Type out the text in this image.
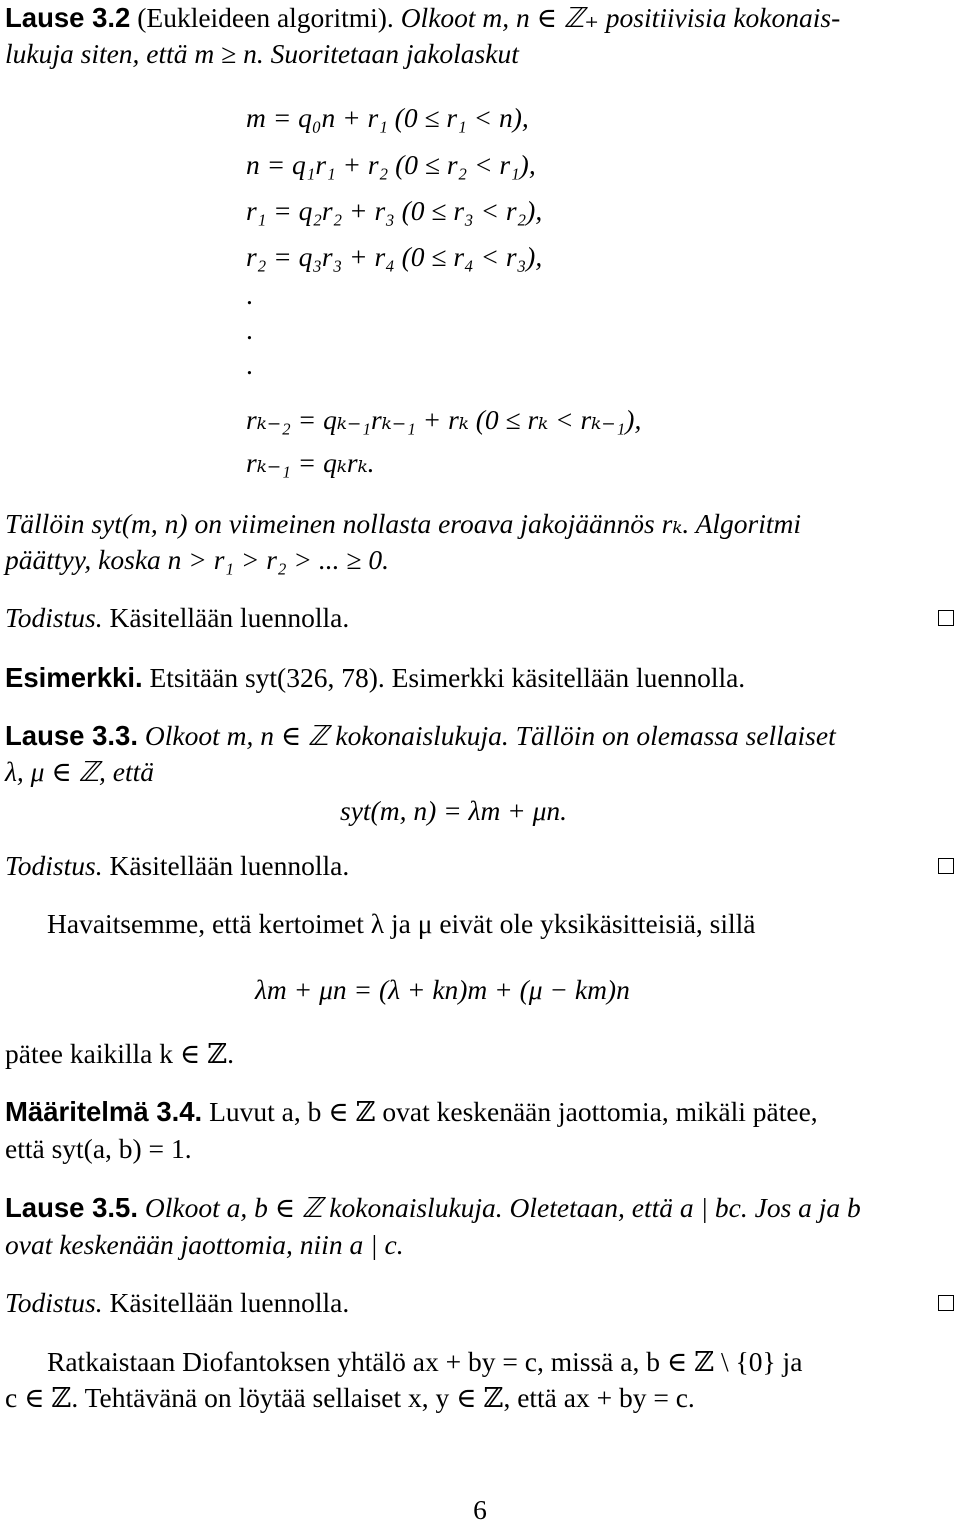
Lause 3.2 (Eukleideen algoritmi). Olkoot m, n ∈ ℤ₊ positiivisia kokonais-
lukuja siten, että m ≥ n. Suoritetaan jakolaskut
m = q₀n + r₁ (0 ≤ r₁ < n),
n = q₁r₁ + r₂ (0 ≤ r₂ < r₁),
r₁ = q₂r₂ + r₃ (0 ≤ r₃ < r₂),
r₂ = q₃r₃ + r₄ (0 ≤ r₄ < r₃),
.
.
.
rₖ₋₂ = qₖ₋₁rₖ₋₁ + rₖ (0 ≤ rₖ < rₖ₋₁),
rₖ₋₁ = qₖrₖ.
Tällöin syt(m, n) on viimeinen nollasta eroava jakojäännös rₖ. Algoritmi
päättyy, koska n > r₁ > r₂ > ... ≥ 0.
Todistus. Käsitellään luennolla.
Esimerkki. Etsitään syt(326, 78). Esimerkki käsitellään luennolla.
Lause 3.3. Olkoot m, n ∈ ℤ kokonaislukuja. Tällöin on olemassa sellaiset
λ, μ ∈ ℤ, että
syt(m, n) = λm + μn.
Todistus. Käsitellään luennolla.
Havaitsemme, että kertoimet λ ja μ eivät ole yksikäsitteisiä, sillä
λm + μn = (λ + kn)m + (μ − km)n
pätee kaikilla k ∈ ℤ.
Määritelmä 3.4. Luvut a, b ∈ ℤ ovat keskenään jaottomia, mikäli pätee,
että syt(a, b) = 1.
Lause 3.5. Olkoot a, b ∈ ℤ kokonaislukuja. Oletetaan, että a | bc. Jos a ja b
ovat keskenään jaottomia, niin a | c.
Todistus. Käsitellään luennolla.
Ratkaistaan Diofantoksen yhtälö ax + by = c, missä a, b ∈ ℤ \ {0} ja
c ∈ ℤ. Tehtävänä on löytää sellaiset x, y ∈ ℤ, että ax + by = c.
6
